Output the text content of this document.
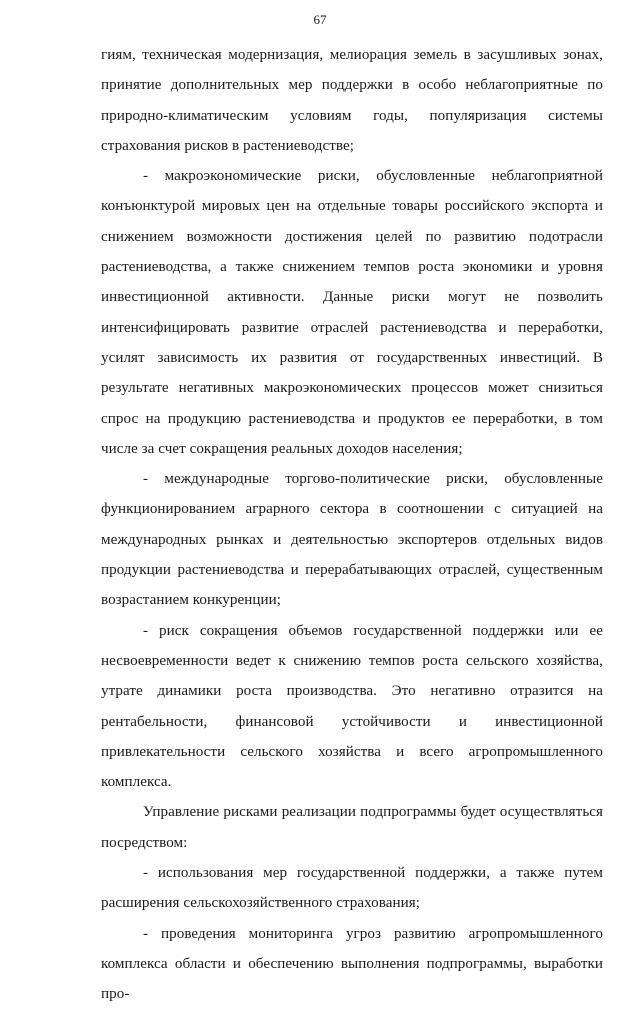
67

гиям, техническая модернизация, мелиорация земель в засушливых зонах, принятие дополнительных мер поддержки в особо неблагоприятные по природно-климатическим условиям годы, популяризация системы страхования рисков в растениеводстве;

- макроэкономические риски, обусловленные неблагоприятной конъюнктурой мировых цен на отдельные товары российского экспорта и снижением возможности достижения целей по развитию подотрасли растениеводства, а также снижением темпов роста экономики и уровня инвестиционной активности. Данные риски могут не позволить интенсифицировать развитие отраслей растениеводства и переработки, усилят зависимость их развития от государственных инвестиций. В результате негативных макроэкономических процессов может снизиться спрос на продукцию растениеводства и продуктов ее переработки, в том числе за счет сокращения реальных доходов населения;

- международные торгово-политические риски, обусловленные функционированием аграрного сектора в соотношении с ситуацией на международных рынках и деятельностью экспортеров отдельных видов продукции растениеводства и перерабатывающих отраслей, существенным возрастанием конкуренции;

- риск сокращения объемов государственной поддержки или ее несвоевременности ведет к снижению темпов роста сельского хозяйства, утрате динамики роста производства. Это негативно отразится на рентабельности, финансовой устойчивости и инвестиционной привлекательности сельского хозяйства и всего агропромышленного комплекса.

Управление рисками реализации подпрограммы будет осуществляться посредством:

- использования мер государственной поддержки, а также путем расширения сельскохозяйственного страхования;

- проведения мониторинга угроз развитию агропромышленного комплекса области и обеспечению выполнения подпрограммы, выработки про-
